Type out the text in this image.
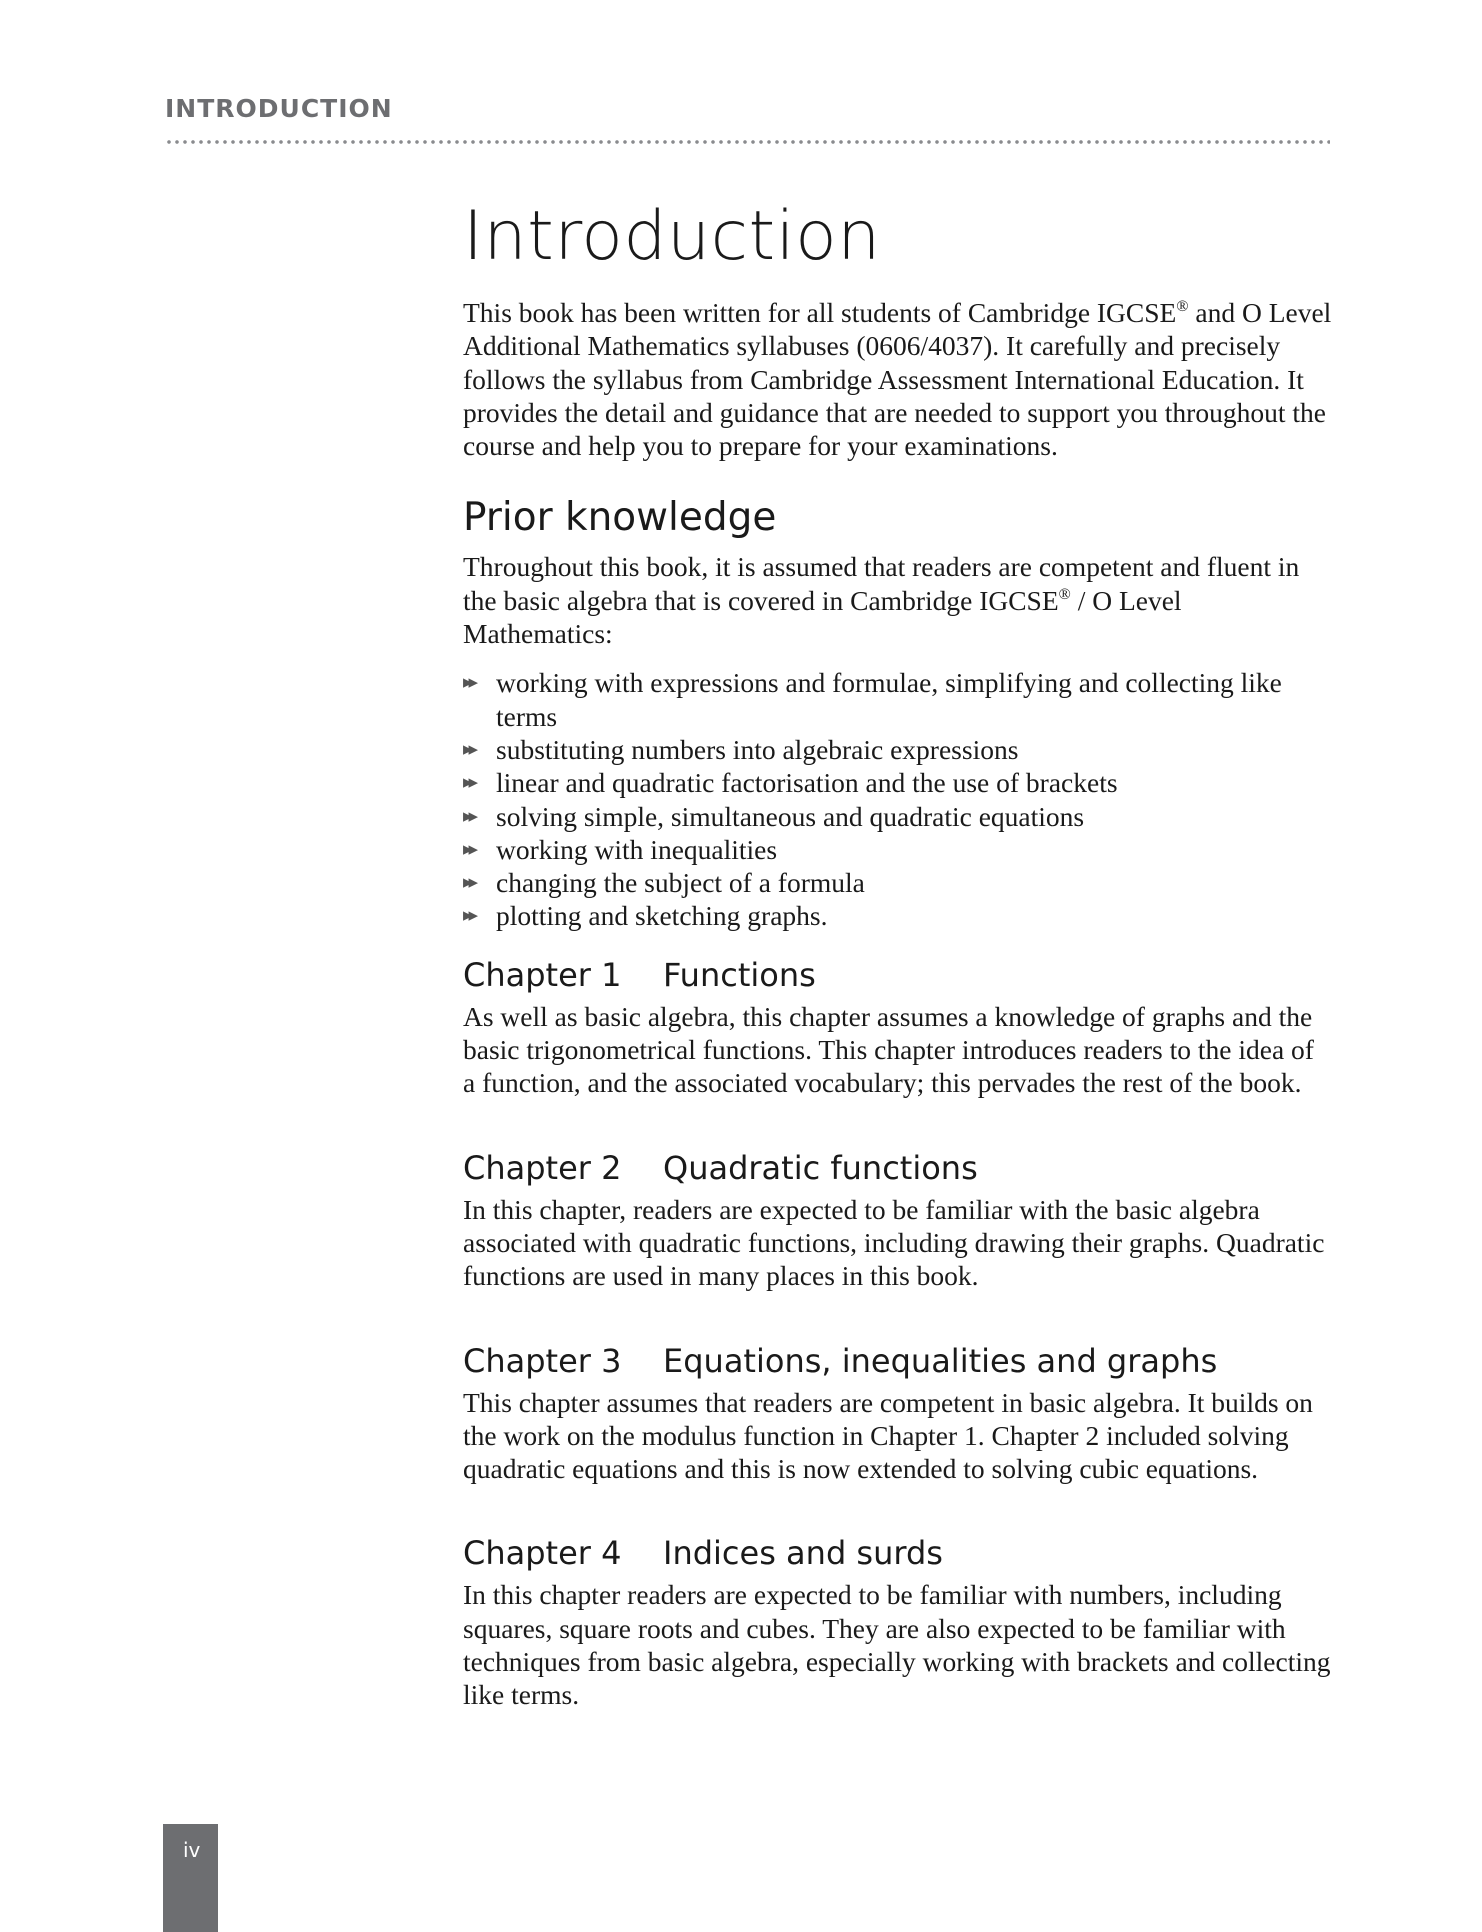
INTRODUCTION
Introduction

This book has been written for all students of Cambridge IGCSE® and O Level Additional Mathematics syllabuses (0606/4037). It carefully and precisely follows the syllabus from Cambridge Assessment International Education. It provides the detail and guidance that are needed to support you throughout the course and help you to prepare for your examinations.

Prior knowledge

Throughout this book, it is assumed that readers are competent and fluent in the basic algebra that is covered in Cambridge IGCSE® / O Level Mathematics:

▸▸ working with expressions and formulae, simplifying and collecting like terms
▸▸ substituting numbers into algebraic expressions
▸▸ linear and quadratic factorisation and the use of brackets
▸▸ solving simple, simultaneous and quadratic equations
▸▸ working with inequalities
▸▸ changing the subject of a formula
▸▸ plotting and sketching graphs.
Chapter 1	Functions

As well as basic algebra, this chapter assumes a knowledge of graphs and the basic trigonometrical functions. This chapter introduces readers to the idea of a function, and the associated vocabulary; this pervades the rest of the book.

Chapter 2	Quadratic functions

In this chapter, readers are expected to be familiar with the basic algebra associated with quadratic functions, including drawing their graphs. Quadratic functions are used in many places in this book.

Chapter 3	Equations, inequalities and graphs

This chapter assumes that readers are competent in basic algebra. It builds on the work on the modulus function in Chapter 1. Chapter 2 included solving quadratic equations and this is now extended to solving cubic equations.

Chapter 4	Indices and surds

In this chapter readers are expected to be familiar with numbers, including squares, square roots and cubes. They are also expected to be familiar with techniques from basic algebra, especially working with brackets and collecting like terms.

iv
